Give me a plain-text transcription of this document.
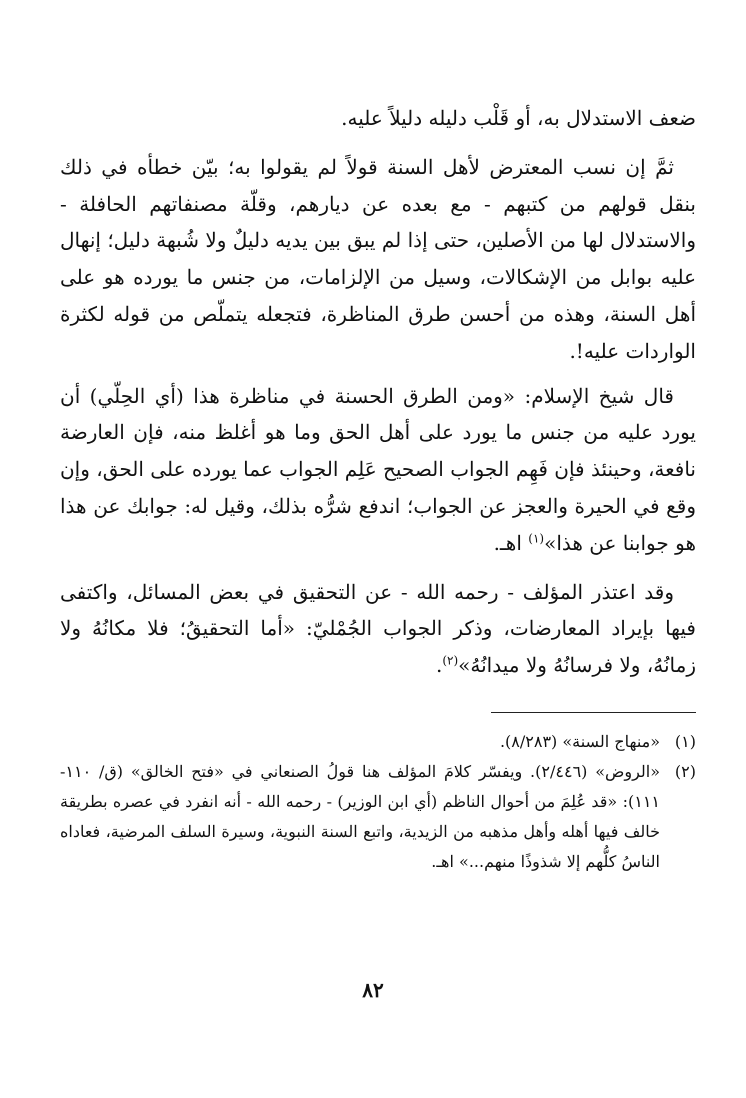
ضعف الاستدلال به، أو قَلْب دليله دليلاً عليه.

ثمَّ إن نسب المعترض لأهل السنة قولاً لم يقولوا به؛ بيّن خطأه في ذلك بنقل قولهم من كتبهم - مع بعده عن ديارهم، وقلّة مصنفاتهم الحافلة - والاستدلال لها من الأصلين، حتى إذا لم يبق بين يديه دليلٌ ولا شُبهة دليل؛ إنهال عليه بوابل من الإشكالات، وسيل من الإلزامات، من جنس ما يورده هو على أهل السنة، وهذه من أحسن طرق المناظرة، فتجعله يتملّص من قوله لكثرة الواردات عليه!.

قال شيخ الإسلام: «ومن الطرق الحسنة في مناظرة هذا (أي الحِلّي) أن يورد عليه من جنس ما يورد على أهل الحق وما هو أغلظ منه، فإن العارضة نافعة، وحينئذ فإن فَهِم الجواب الصحيح عَلِم الجواب عما يورده على الحق، وإن وقع في الحيرة والعجز عن الجواب؛ اندفع شرُّه بذلك، وقيل له: جوابك عن هذا هو جوابنا عن هذا»$^{(١)}$ اهـ.

وقد اعتذر المؤلف - رحمه الله - عن التحقيق في بعض المسائل، واكتفى فيها بإيراد المعارضات، وذكر الجواب الجُمْليّ: «أما التحقيقُ؛ فلا مكانُهُ ولا زمانُهُ، ولا فرسانُهُ ولا ميدانُهُ»$^{(٢)}$.

(١)
«منهاج السنة» (٨/٢٨٣).
(٢)
«الروض» (٢/٤٤٦). ويفسّر كلامَ المؤلف هنا قولُ الصنعاني في «فتح الخالق» (ق/ ١١٠- ١١١): «قد عُلِمَ من أحوال الناظم (أي ابن الوزير) - رحمه الله - أنه انفرد في عصره بطريقة خالف فيها أهله وأهل مذهبه من الزيدية، واتبع السنة النبوية، وسيرة السلف المرضية، فعاداه الناسُ كلُّهم إلا شذوذًا منهم...» اهـ.
٨٢
